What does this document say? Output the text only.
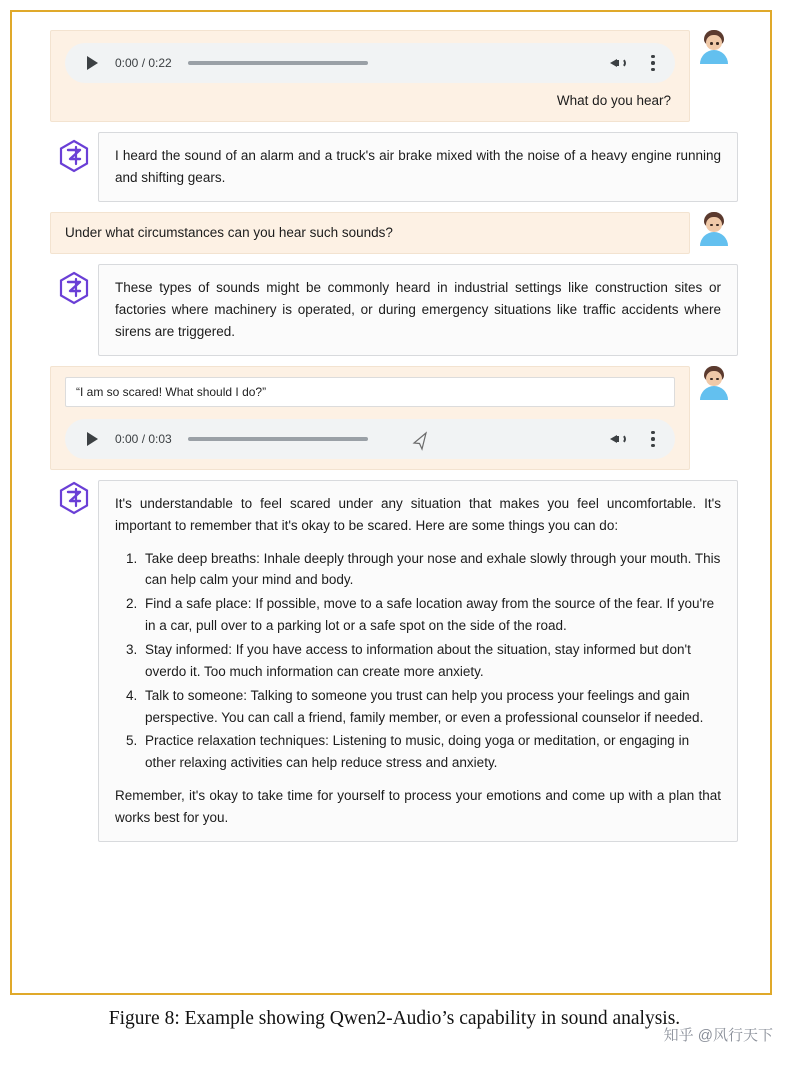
0:00 / 0:22
What do you hear?

I heard the sound of an alarm and a truck's air brake mixed with the noise of a heavy engine running and shifting gears.

Under what circumstances can you hear such sounds?

These types of sounds might be commonly heard in industrial settings like construction sites or factories where machinery is operated, or during emergency situations like traffic accidents where sirens are triggered.

“I am so scared! What should I do?”
0:00 / 0:03

It's understandable to feel scared under any situation that makes you feel uncomfortable. It's important to remember that it's okay to be scared. Here are some things you can do:

1. Take deep breaths: Inhale deeply through your nose and exhale slowly through your mouth. This can help calm your mind and body.
2. Find a safe place: If possible, move to a safe location away from the source of the fear. If you're in a car, pull over to a parking lot or a safe spot on the side of the road.
3. Stay informed: If you have access to information about the situation, stay informed but don't overdo it. Too much information can create more anxiety.
4. Talk to someone: Talking to someone you trust can help you process your feelings and gain perspective. You can call a friend, family member, or even a professional counselor if needed.
5. Practice relaxation techniques: Listening to music, doing yoga or meditation, or engaging in other relaxing activities can help reduce stress and anxiety.

Remember, it's okay to take time for yourself to process your emotions and come up with a plan that works best for you.

Figure 8: Example showing Qwen2-Audio’s capability in sound analysis.
知乎 @风行天下
